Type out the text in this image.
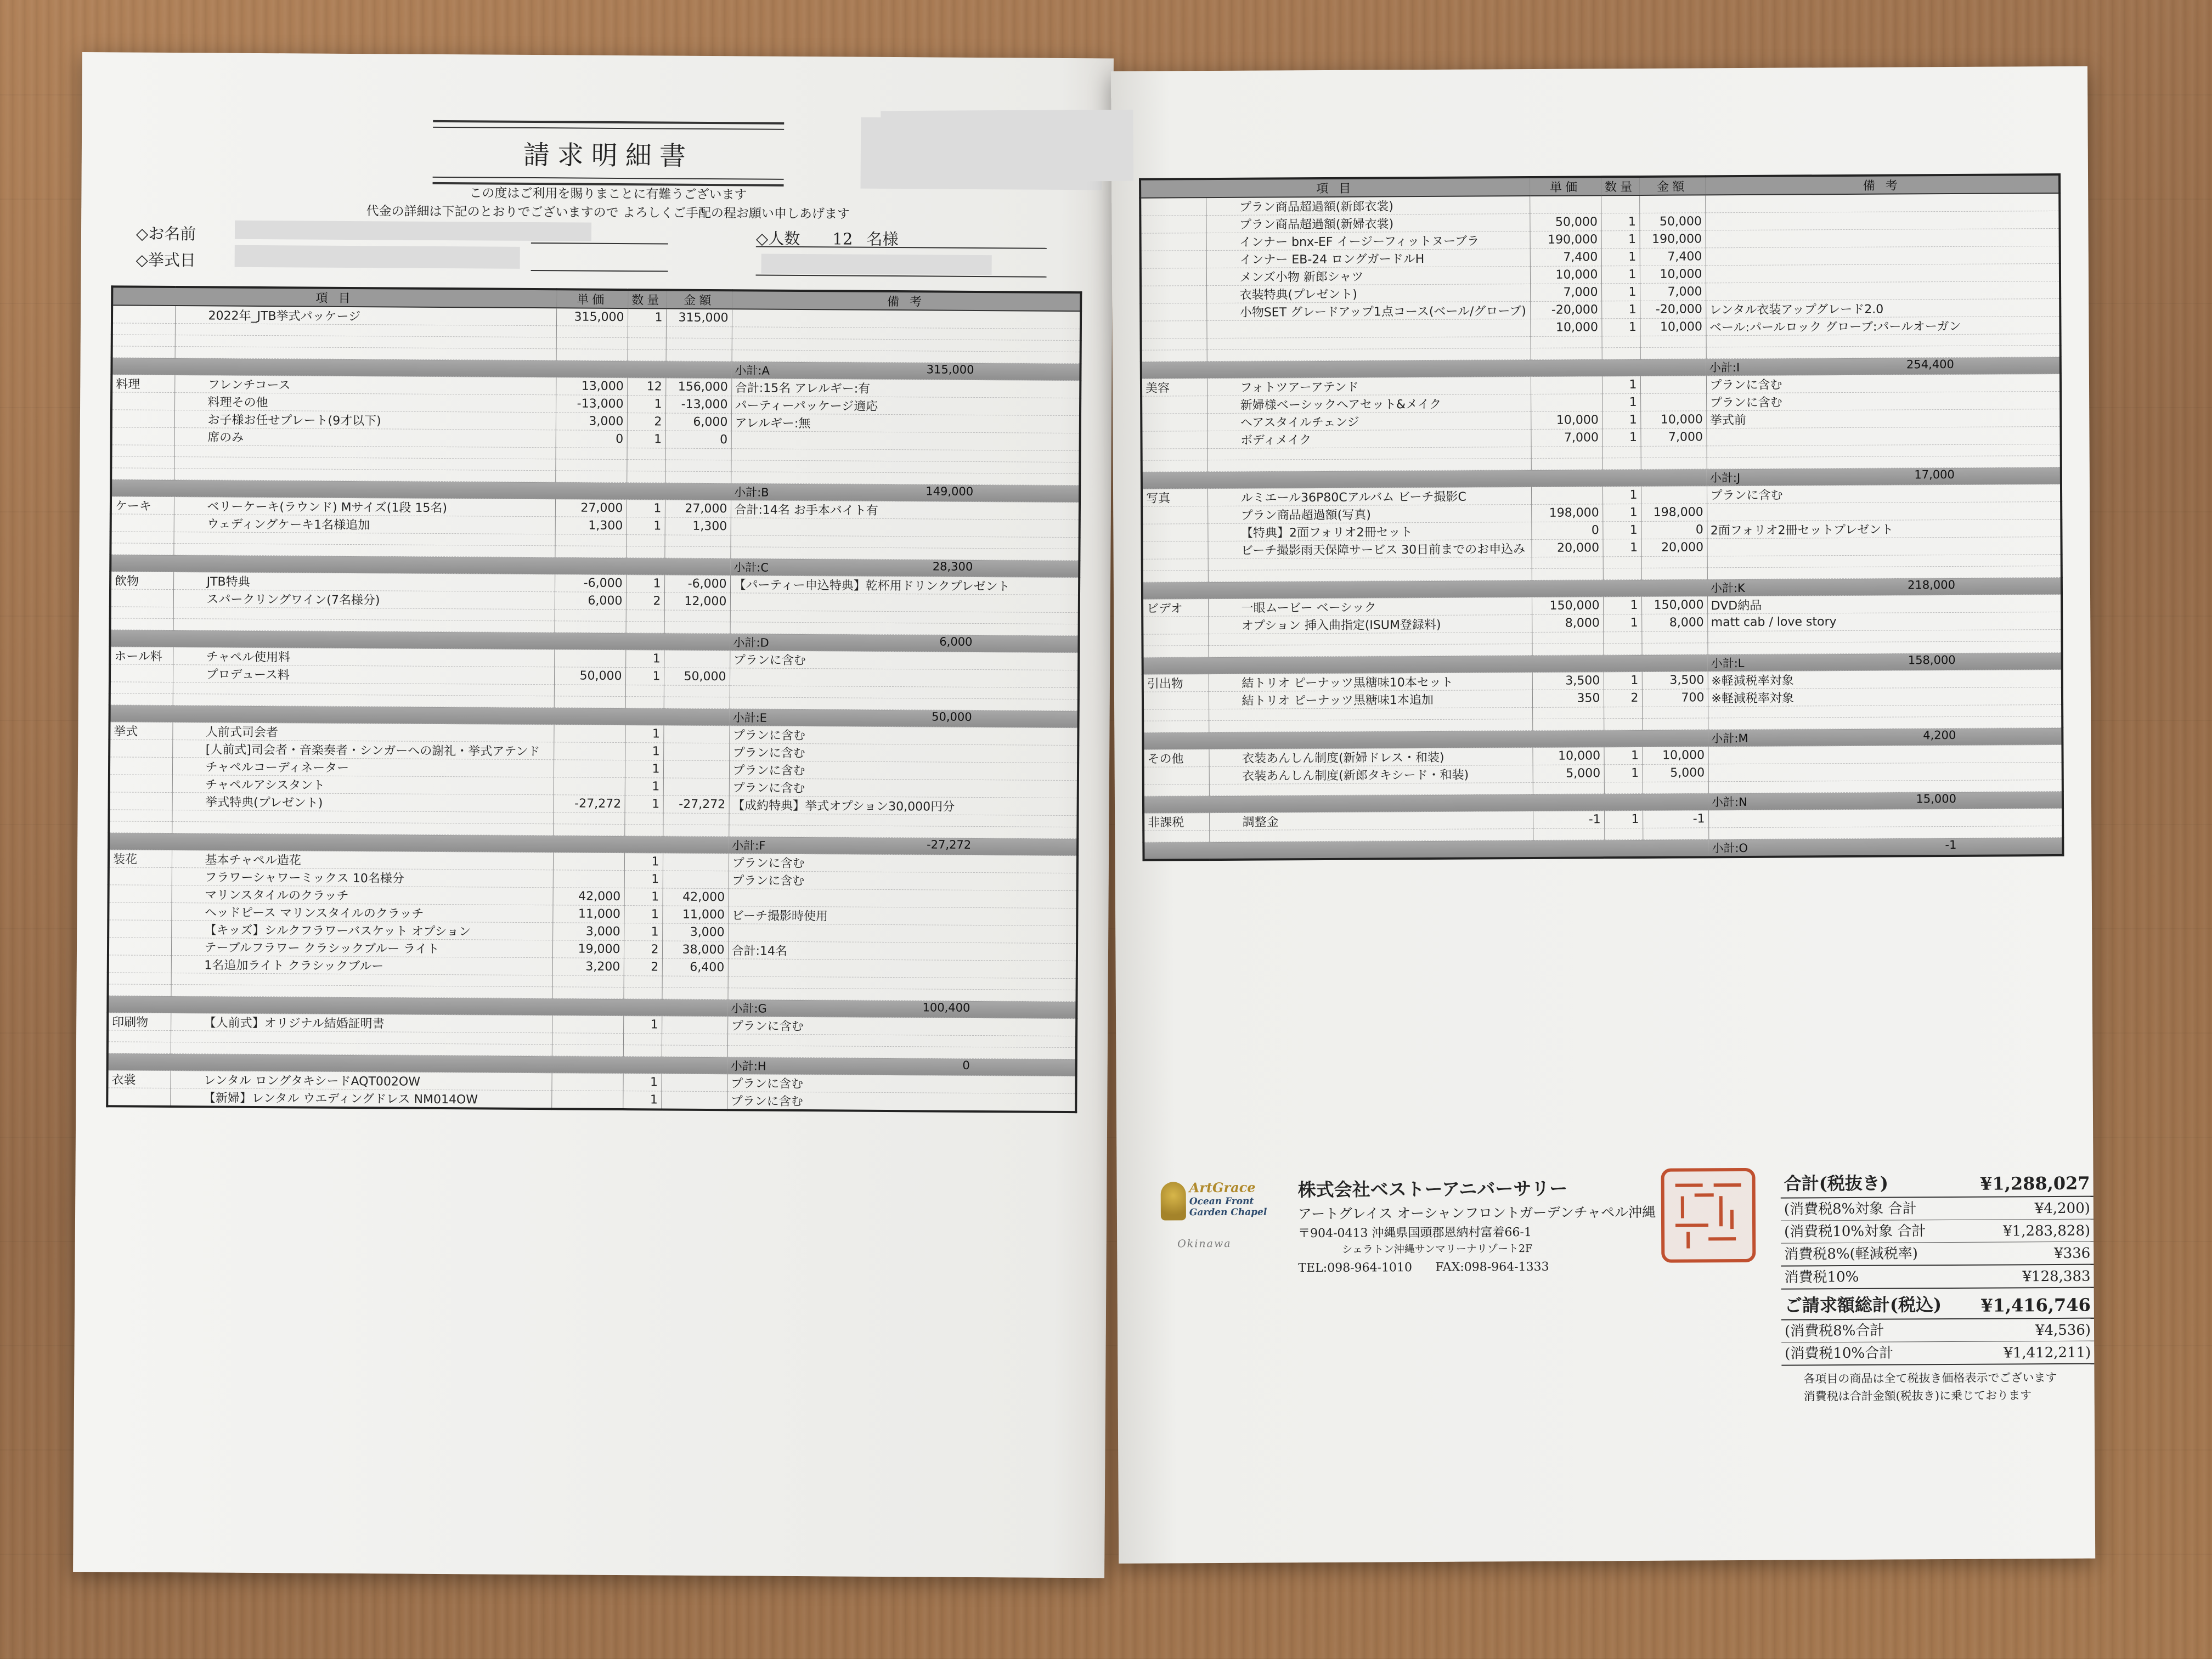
請求明細書
この度はご利用を賜りまことに有難うございます
代金の詳細は下記のとおりでございますので よろしくご手配の程お願い申しあげます
◇お名前
◇挙式日
◇人数 12 名様
項 目		単価	数量	金額	備 考
	2022年_JTB挙式パッケージ	315,000	1	315,000	

					小計:A 315,000
料理	フレンチコース	13,000	12	156,000	合計:15名 アレルギー:有
	料理その他	-13,000	1	-13,000	パーティーパッケージ適応
	お子様お任せプレート(9才以下)	3,000	2	6,000	アレルギー:無
	席のみ	0	1	0	

					小計:B 149,000
ケーキ	ベリーケーキ(ラウンド) Mサイズ(1段 15名)	27,000	1	27,000	合計:14名 お手本バイト有
	ウェディングケーキ1名様追加	1,300	1	1,300	

					小計:C 28,300
飲物	JTB特典	-6,000	1	-6,000	【パーティー申込特典】乾杯用ドリンクプレゼント
	スパークリングワイン(7名様分)	6,000	2	12,000	

					小計:D 6,000
ホール料	チャペル使用料		1		プランに含む
	プロデュース料	50,000	1	50,000	

					小計:E 50,000
挙式	人前式司会者		1		プランに含む
	[人前式]司会者・音楽奏者・シンガーへの謝礼・挙式アテンド		1		プランに含む
	チャペルコーディネーター		1		プランに含む
	チャペルアシスタント		1		プランに含む
	挙式特典(プレゼント)	-27,272	1	-27,272	【成約特典】挙式オプション30,000円分

					小計:F -27,272
装花	基本チャペル造花		1		プランに含む
	フラワーシャワーミックス 10名様分		1		プランに含む
	マリンスタイルのクラッチ	42,000	1	42,000	
	ヘッドピース マリンスタイルのクラッチ	11,000	1	11,000	ビーチ撮影時使用
	【キッズ】シルクフラワーバスケット オプション	3,000	1	3,000	
	テーブルフラワー クラシックブルー ライト	19,000	2	38,000	合計:14名
	1名追加ライト クラシックブルー	3,200	2	6,400	

					小計:G 100,400
印刷物	【人前式】オリジナル結婚証明書		1		プランに含む

					小計:H 0
衣裳	レンタル ロングタキシードAQT002OW		1		プランに含む
	【新婦】レンタル ウエディングドレス NM014OW		1		プランに含む
項 目		単価	数量	金額	備 考
	プラン商品超過額(新郎衣裳)				
	プラン商品超過額(新婦衣裳)	50,000	1	50,000	
	インナー bnx-EF イージーフィットヌーブラ	190,000	1	190,000	
	インナー EB-24 ロングガードルH	7,400	1	7,400	
	メンズ小物 新郎シャツ	10,000	1	10,000	
	衣装特典(プレゼント)	7,000	1	7,000	
	小物SET グレードアップ1点コース(ベール/グローブ)	-20,000	1	-20,000	レンタル衣装アップグレード2.0
		10,000	1	10,000	ベール:パールロック グローブ:パールオーガン

					小計:I 254,400
美容	フォトツアーアテンド		1		プランに含む
	新婦様ベーシックヘアセット&メイク		1		プランに含む
	ヘアスタイルチェンジ	10,000	1	10,000	挙式前
	ボディメイク	7,000	1	7,000	

					小計:J 17,000
写真	ルミエール36P80Cアルバム ビーチ撮影C		1		プランに含む
	プラン商品超過額(写真)	198,000	1	198,000	
	【特典】2面フォリオ2冊セット	0	1	0	2面フォリオ2冊セットプレゼント
	ビーチ撮影雨天保障サービス 30日前までのお申込み	20,000	1	20,000	

					小計:K 218,000
ビデオ	一眼ムービー ベーシック	150,000	1	150,000	DVD納品
	オプション 挿入曲指定(ISUM登録料)	8,000	1	8,000	matt cab / love story

					小計:L 158,000
引出物	結トリオ ピーナッツ黒糖味10本セット	3,500	1	3,500	※軽減税率対象
	結トリオ ピーナッツ黒糖味1本追加	350	2	700	※軽減税率対象

					小計:M 4,200
その他	衣装あんしん制度(新婦ドレス・和装)	10,000	1	10,000	
	衣装あんしん制度(新郎タキシード・和装)	5,000	1	5,000	

					小計:N 15,000
非課税	調整金	-1	1	-1	

					小計:O -1
ArtGrace
Ocean Front
Garden Chapel
Okinawa
株式会社ベストーアニバーサリー
アートグレイス オーシャンフロントガーデンチャペル沖縄
〒904-0413 沖縄県国頭郡恩納村富着66-1
シェラトン沖縄サンマリーナリゾート2F
TEL:098-964-1010 FAX:098-964-1333
合計(税抜き)	¥1,288,027
(消費税8%対象 合計	¥4,200)
(消費税10%対象 合計	¥1,283,828)
消費税8%(軽減税率)	¥336
消費税10%	¥128,383
ご請求額総計(税込) ¥1,416,746
(消費税8%合計	¥4,536)
(消費税10%合計	¥1,412,211)
各項目の商品は全て税抜き価格表示でございます
消費税は合計金額(税抜き)に乗じております
